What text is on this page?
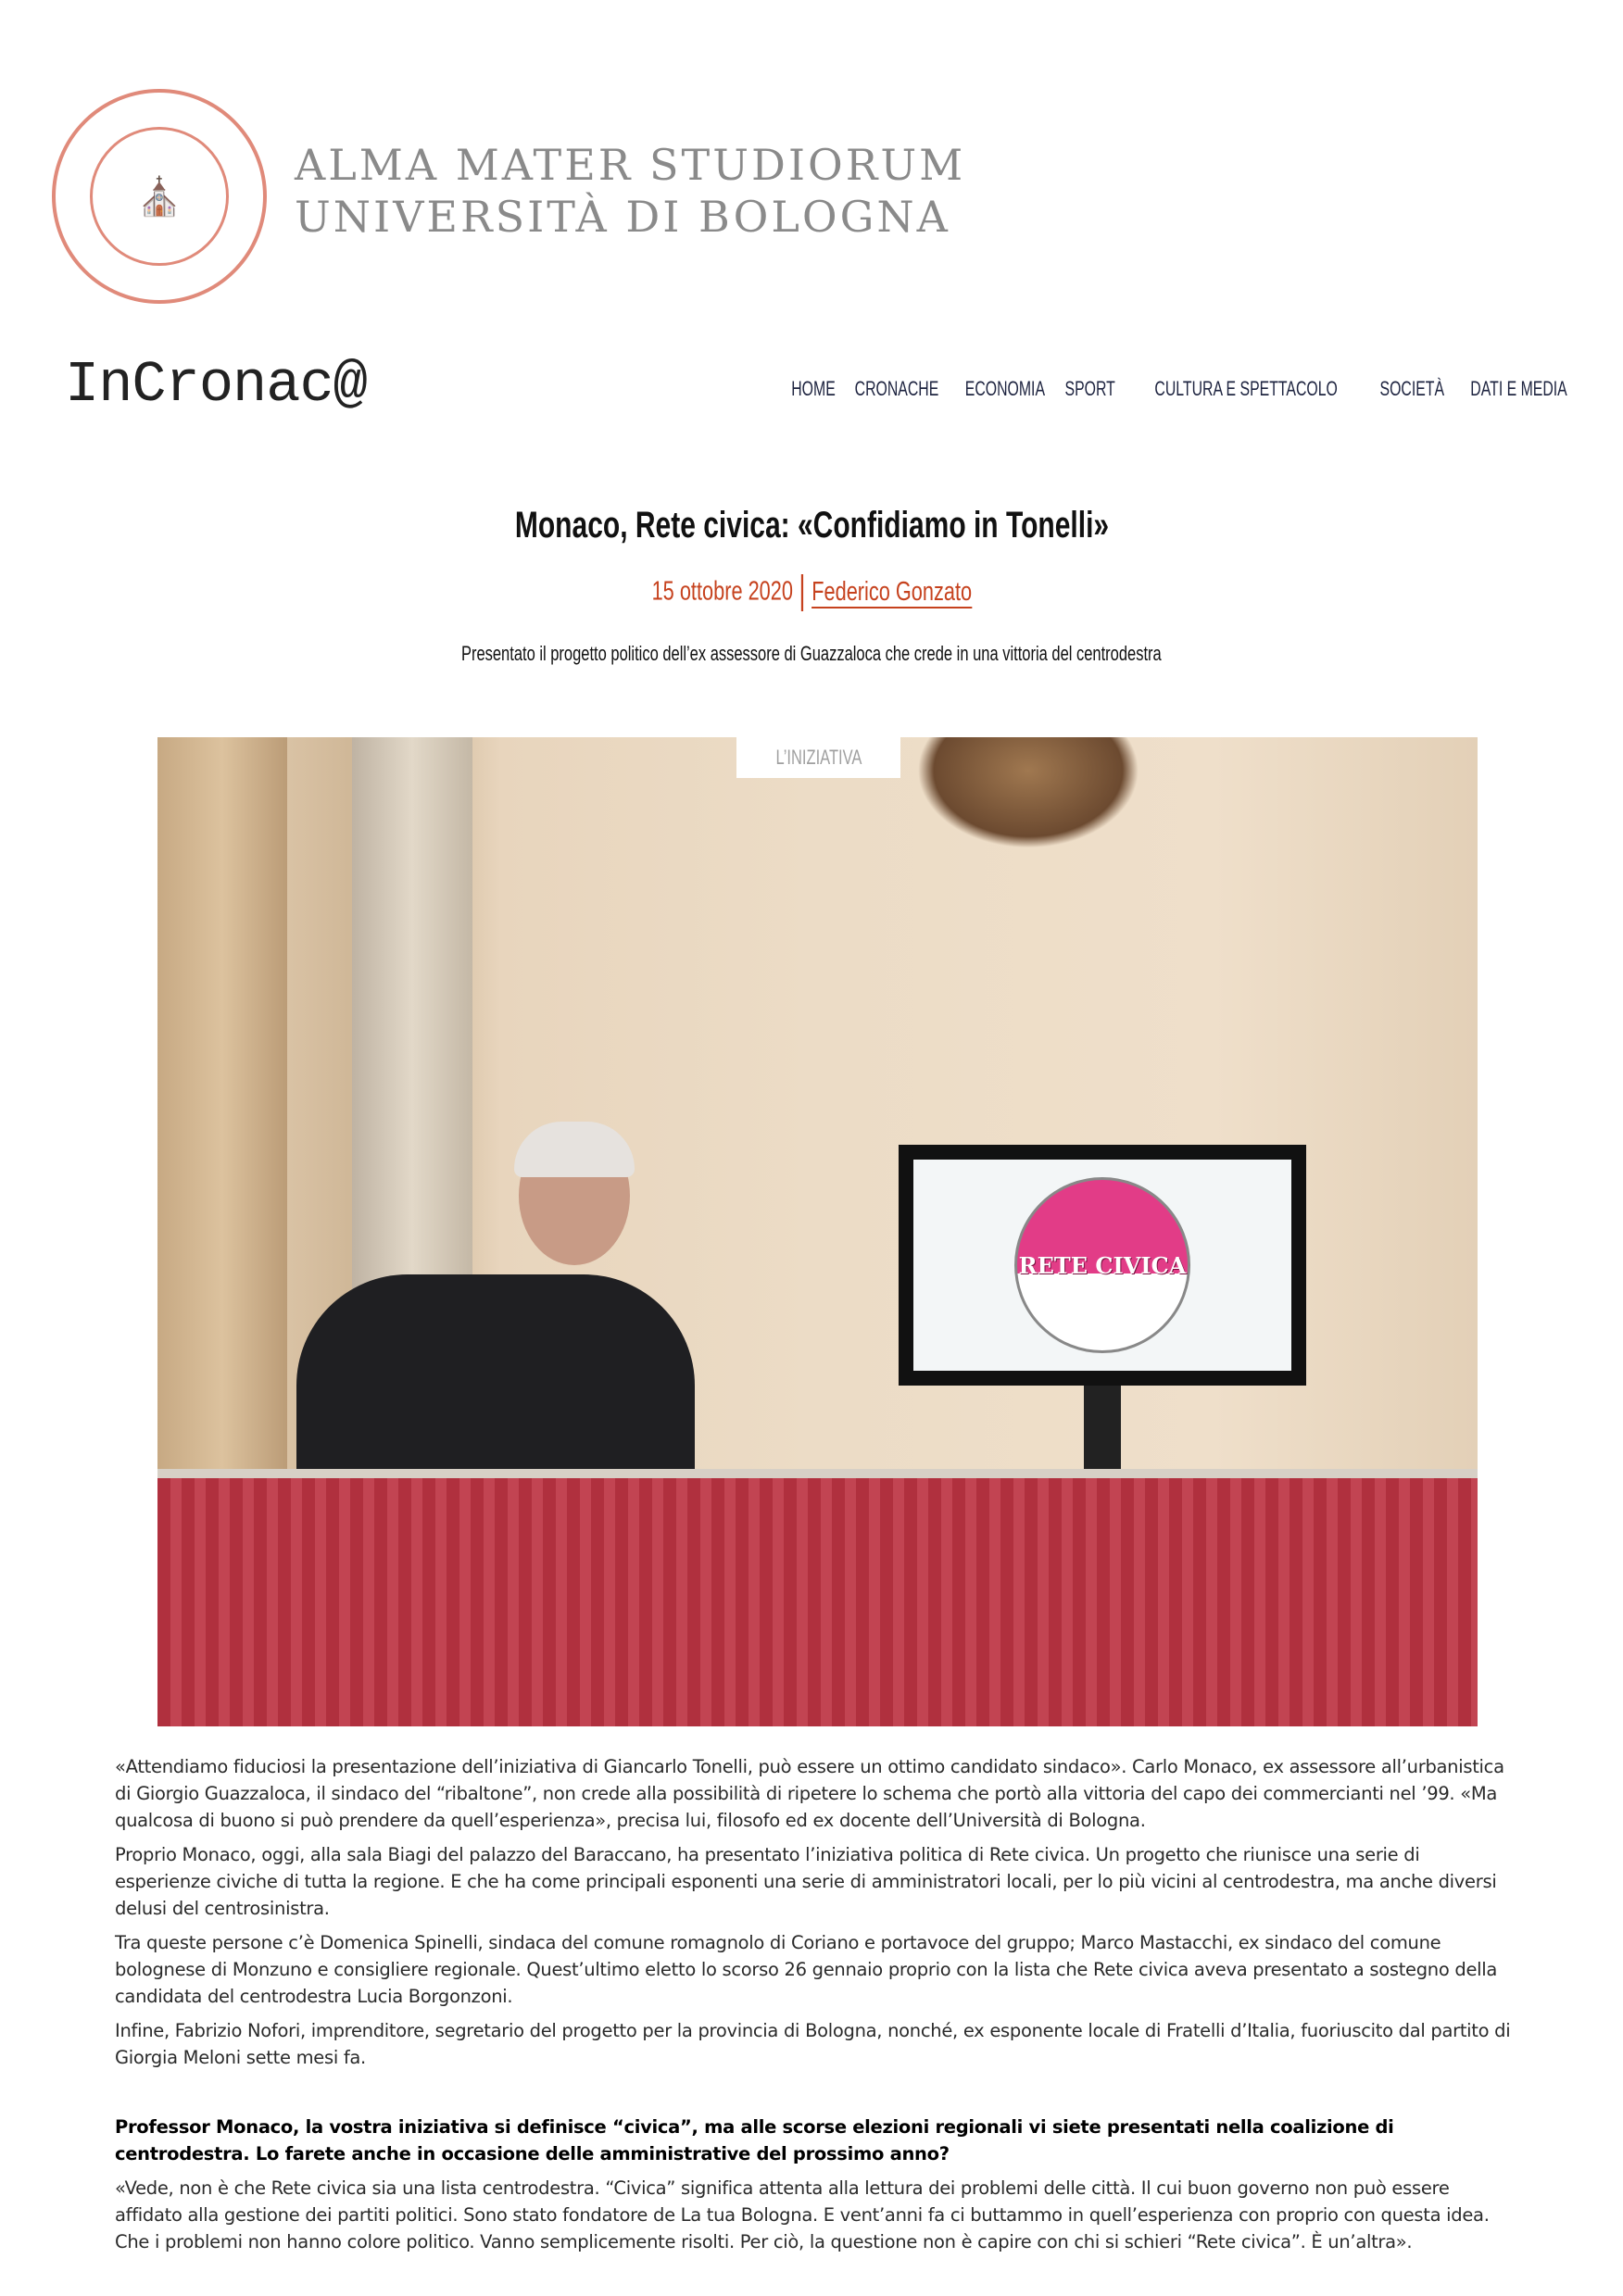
⛪
ALMA MATER STUDIORUM
UNIVERSITÀ DI BOLOGNA
InCronac@	HOME CRONACHE ECONOMIA SPORT CULTURA E SPETTACOLO SOCIETÀ DATI E MEDIA
Monaco, Rete civica: «Confidiamo in Tonelli»
15 ottobre 2020 Federico Gonzato
Presentato il progetto politico dell’ex assessore di Guazzaloca che crede in una vittoria del centrodestra
RETE CIVICA
L’INIZIATIVA

«Attendiamo fiduciosi la presentazione dell’iniziativa di Giancarlo Tonelli, può essere un ottimo candidato sindaco». Carlo Monaco, ex assessore all’urbanistica di Giorgio Guazzaloca, il sindaco del “ribaltone”, non crede alla possibilità di ripetere lo schema che portò alla vittoria del capo dei commercianti nel ’99. «Ma qualcosa di buono si può prendere da quell’esperienza», precisa lui, filosofo ed ex docente dell’Università di Bologna.

Proprio Monaco, oggi, alla sala Biagi del palazzo del Baraccano, ha presentato l’iniziativa politica di Rete civica. Un progetto che riunisce una serie di esperienze civiche di tutta la regione. E che ha come principali esponenti una serie di amministratori locali, per lo più vicini al centrodestra, ma anche diversi delusi del centrosinistra.

Tra queste persone c’è Domenica Spinelli, sindaca del comune romagnolo di Coriano e portavoce del gruppo; Marco Mastacchi, ex sindaco del comune bolognese di Monzuno e consigliere regionale. Quest’ultimo eletto lo scorso 26 gennaio proprio con la lista che Rete civica aveva presentato a sostegno della candidata del centrodestra Lucia Borgonzoni.

Infine, Fabrizio Nofori, imprenditore, segretario del progetto per la provincia di Bologna, nonché, ex esponente locale di Fratelli d’Italia, fuoriuscito dal partito di Giorgia Meloni sette mesi fa.

Professor Monaco, la vostra iniziativa si definisce “civica”, ma alle scorse elezioni regionali vi siete presentati nella coalizione di centrodestra. Lo farete anche in occasione delle amministrative del prossimo anno?

«Vede, non è che Rete civica sia una lista centrodestra. “Civica” significa attenta alla lettura dei problemi delle città. Il cui buon governo non può essere affidato alla gestione dei partiti politici. Sono stato fondatore de La tua Bologna. E vent’anni fa ci buttammo in quell’esperienza con proprio con questa idea. Che i problemi non hanno colore politico. Vanno semplicemente risolti. Per ciò, la questione non è capire con chi si schieri “Rete civica”. È un’altra».
